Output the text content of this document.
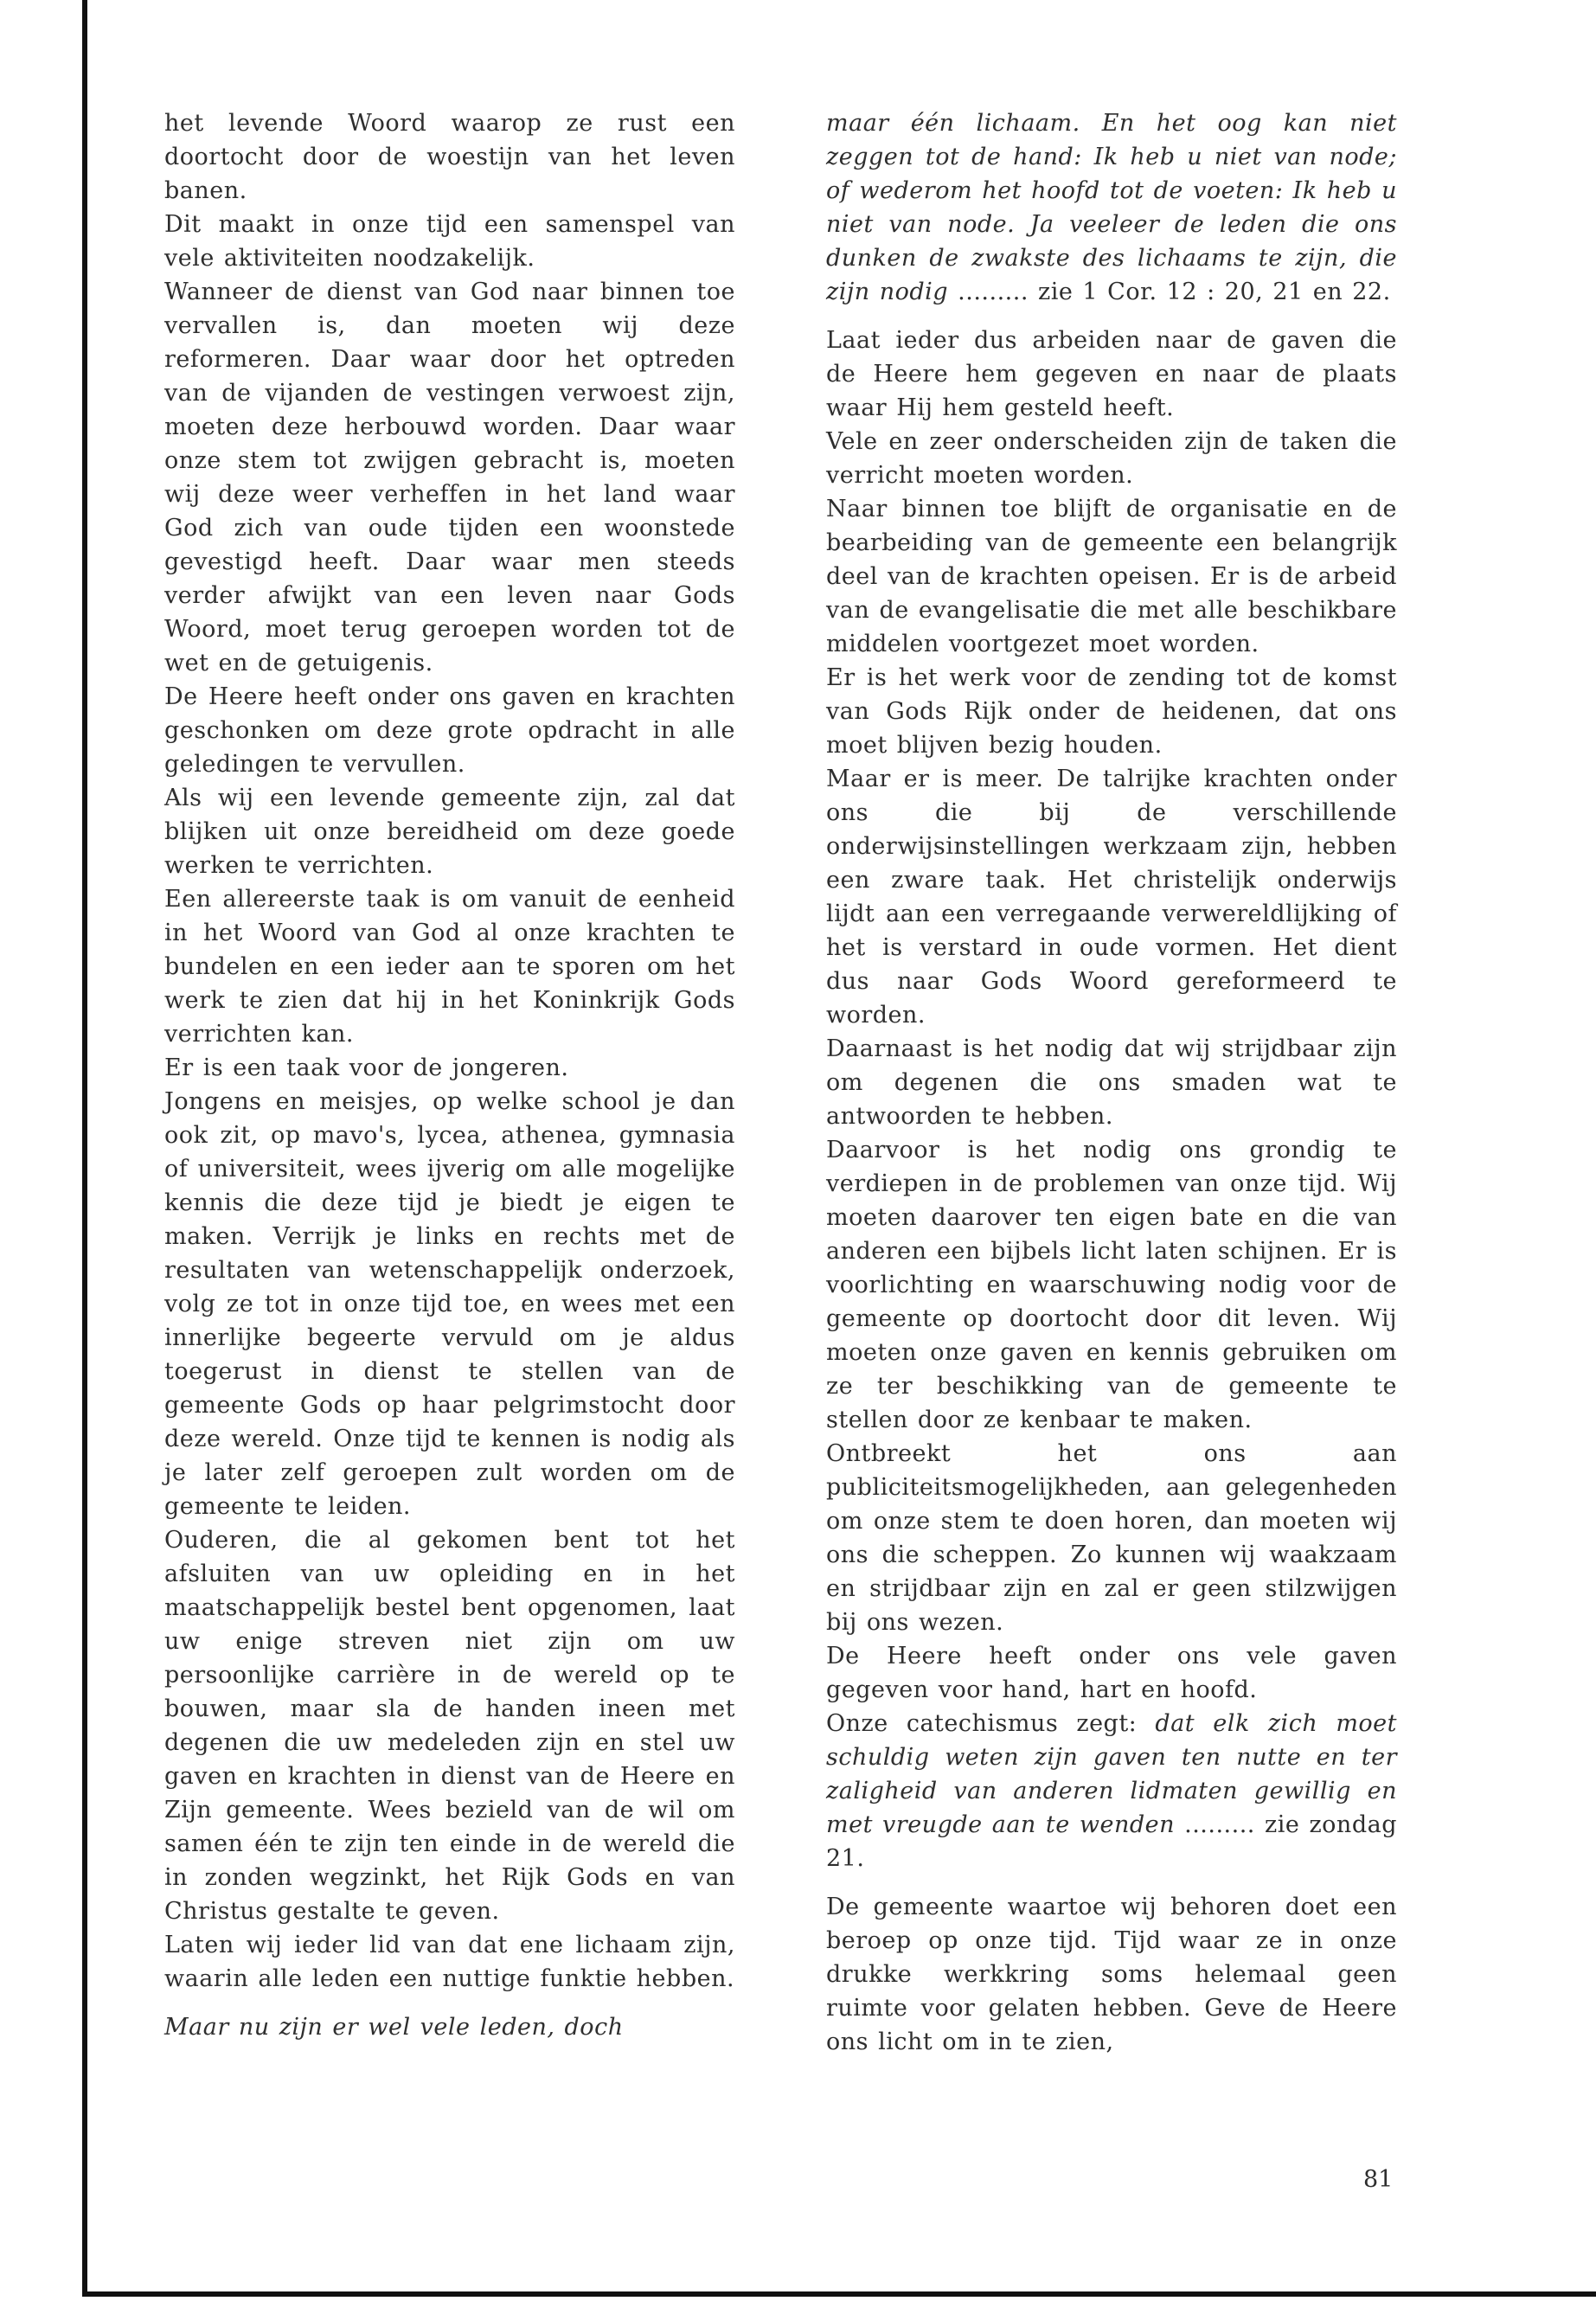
het levende Woord waarop ze rust een doortocht door de woestijn van het leven banen.

Dit maakt in onze tijd een samenspel van vele aktiviteiten noodzakelijk.

Wanneer de dienst van God naar binnen toe vervallen is, dan moeten wij deze reformeren. Daar waar door het optreden van de vijanden de vestingen verwoest zijn, moeten deze herbouwd worden. Daar waar onze stem tot zwijgen gebracht is, moeten wij deze weer verheffen in het land waar God zich van oude tijden een woonstede gevestigd heeft. Daar waar men steeds verder afwijkt van een leven naar Gods Woord, moet terug geroepen worden tot de wet en de getuigenis.

De Heere heeft onder ons gaven en krachten geschonken om deze grote opdracht in alle geledingen te vervullen.

Als wij een levende gemeente zijn, zal dat blijken uit onze bereidheid om deze goede werken te verrichten.

Een allereerste taak is om vanuit de eenheid in het Woord van God al onze krachten te bundelen en een ieder aan te sporen om het werk te zien dat hij in het Koninkrijk Gods verrichten kan.

Er is een taak voor de jongeren.

Jongens en meisjes, op welke school je dan ook zit, op mavo's, lycea, athenea, gymnasia of universiteit, wees ijverig om alle mogelijke kennis die deze tijd je biedt je eigen te maken. Verrijk je links en rechts met de resultaten van wetenschappelijk onderzoek, volg ze tot in onze tijd toe, en wees met een innerlijke begeerte vervuld om je aldus toegerust in dienst te stellen van de gemeente Gods op haar pelgrimstocht door deze wereld. Onze tijd te kennen is nodig als je later zelf geroepen zult worden om de gemeente te leiden.

Ouderen, die al gekomen bent tot het afsluiten van uw opleiding en in het maatschappelijk bestel bent opgenomen, laat uw enige streven niet zijn om uw persoonlijke carrière in de wereld op te bouwen, maar sla de handen ineen met degenen die uw medeleden zijn en stel uw gaven en krachten in dienst van de Heere en Zijn gemeente. Wees bezield van de wil om samen één te zijn ten einde in de wereld die in zonden wegzinkt, het Rijk Gods en van Christus gestalte te geven.

Laten wij ieder lid van dat ene lichaam zijn, waarin alle leden een nuttige funktie hebben.

Maar nu zijn er wel vele leden, doch

maar één lichaam. En het oog kan niet zeggen tot de hand: Ik heb u niet van node; of wederom het hoofd tot de voeten: Ik heb u niet van node. Ja veeleer de leden die ons dunken de zwakste des lichaams te zijn, die zijn nodig ......... zie 1 Cor. 12 : 20, 21 en 22.

Laat ieder dus arbeiden naar de gaven die de Heere hem gegeven en naar de plaats waar Hij hem gesteld heeft.

Vele en zeer onderscheiden zijn de taken die verricht moeten worden.

Naar binnen toe blijft de organisatie en de bearbeiding van de gemeente een belangrijk deel van de krachten opeisen. Er is de arbeid van de evangelisatie die met alle beschikbare middelen voortgezet moet worden.

Er is het werk voor de zending tot de komst van Gods Rijk onder de heidenen, dat ons moet blijven bezig houden.

Maar er is meer. De talrijke krachten onder ons die bij de verschillende onderwijsinstellingen werkzaam zijn, hebben een zware taak. Het christelijk onderwijs lijdt aan een verregaande verwereldlijking of het is verstard in oude vormen. Het dient dus naar Gods Woord gereformeerd te worden.

Daarnaast is het nodig dat wij strijdbaar zijn om degenen die ons smaden wat te antwoorden te hebben.

Daarvoor is het nodig ons grondig te verdiepen in de problemen van onze tijd. Wij moeten daarover ten eigen bate en die van anderen een bijbels licht laten schijnen. Er is voorlichting en waarschuwing nodig voor de gemeente op doortocht door dit leven. Wij moeten onze gaven en kennis gebruiken om ze ter beschikking van de gemeente te stellen door ze kenbaar te maken.

Ontbreekt het ons aan publiciteitsmogelijkheden, aan gelegenheden om onze stem te doen horen, dan moeten wij ons die scheppen. Zo kunnen wij waakzaam en strijdbaar zijn en zal er geen stilzwijgen bij ons wezen.

De Heere heeft onder ons vele gaven gegeven voor hand, hart en hoofd.

Onze catechismus zegt: dat elk zich moet schuldig weten zijn gaven ten nutte en ter zaligheid van anderen lidmaten gewillig en met vreugde aan te wenden ......... zie zondag 21.

De gemeente waartoe wij behoren doet een beroep op onze tijd. Tijd waar ze in onze drukke werkkring soms helemaal geen ruimte voor gelaten hebben. Geve de Heere ons licht om in te zien,

81
